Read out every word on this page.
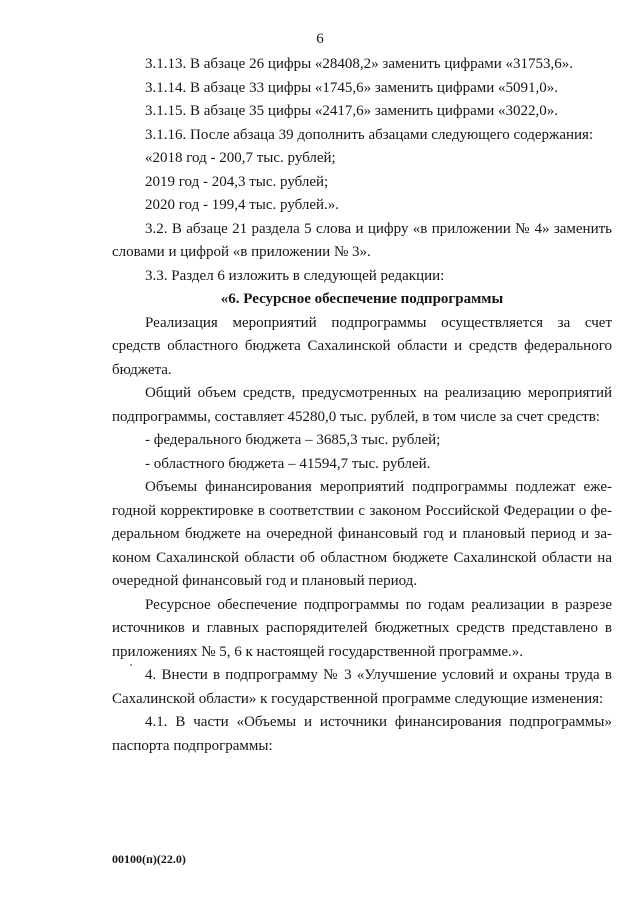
6

3.1.13. В абзаце 26 цифры «28408,2» заменить цифрами «31753,6».

3.1.14. В абзаце 33 цифры «1745,6» заменить цифрами «5091,0».

3.1.15. В абзаце 35 цифры «2417,6» заменить цифрами «3022,0».

3.1.16. После абзаца 39 дополнить абзацами следующего содержания:

«2018 год - 200,7 тыс. рублей;

2019 год - 204,3 тыс. рублей;

2020 год - 199,4 тыс. рублей.».

3.2. В абзаце 21 раздела 5 слова и цифру «в приложении № 4» заменить

словами и цифрой «в приложении № 3».

3.3. Раздел 6 изложить в следующей редакции:

«6. Ресурсное обеспечение подпрограммы

Реализация мероприятий подпрограммы осуществляется за счет

средств областного бюджета Сахалинской области и средств федерального

бюджета.

Общий объем средств, предусмотренных на реализацию мероприятий

подпрограммы, составляет 45280,0 тыс. рублей, в том числе за счет средств:

- федерального бюджета – 3685,3 тыс. рублей;

- областного бюджета – 41594,7 тыс. рублей.

Объемы финансирования мероприятий подпрограммы подлежат еже-

годной корректировке в соответствии с законом Российской Федерации о фе-

деральном бюджете на очередной финансовый год и плановый период и за-

коном Сахалинской области об областном бюджете Сахалинской области на

очередной финансовый год и плановый период.

Ресурсное обеспечение подпрограммы по годам реализации в разрезе

источников и главных распорядителей бюджетных средств представлено в

приложениях № 5, 6 к настоящей государственной программе.».

4. Внести в подпрограмму № 3 «Улучшение условий и охраны труда в

Сахалинской области» к государственной программе следующие изменения:

4.1. В части «Объемы и источники финансирования подпрограммы»

паспорта подпрограммы:

00100(п)(22.0)
